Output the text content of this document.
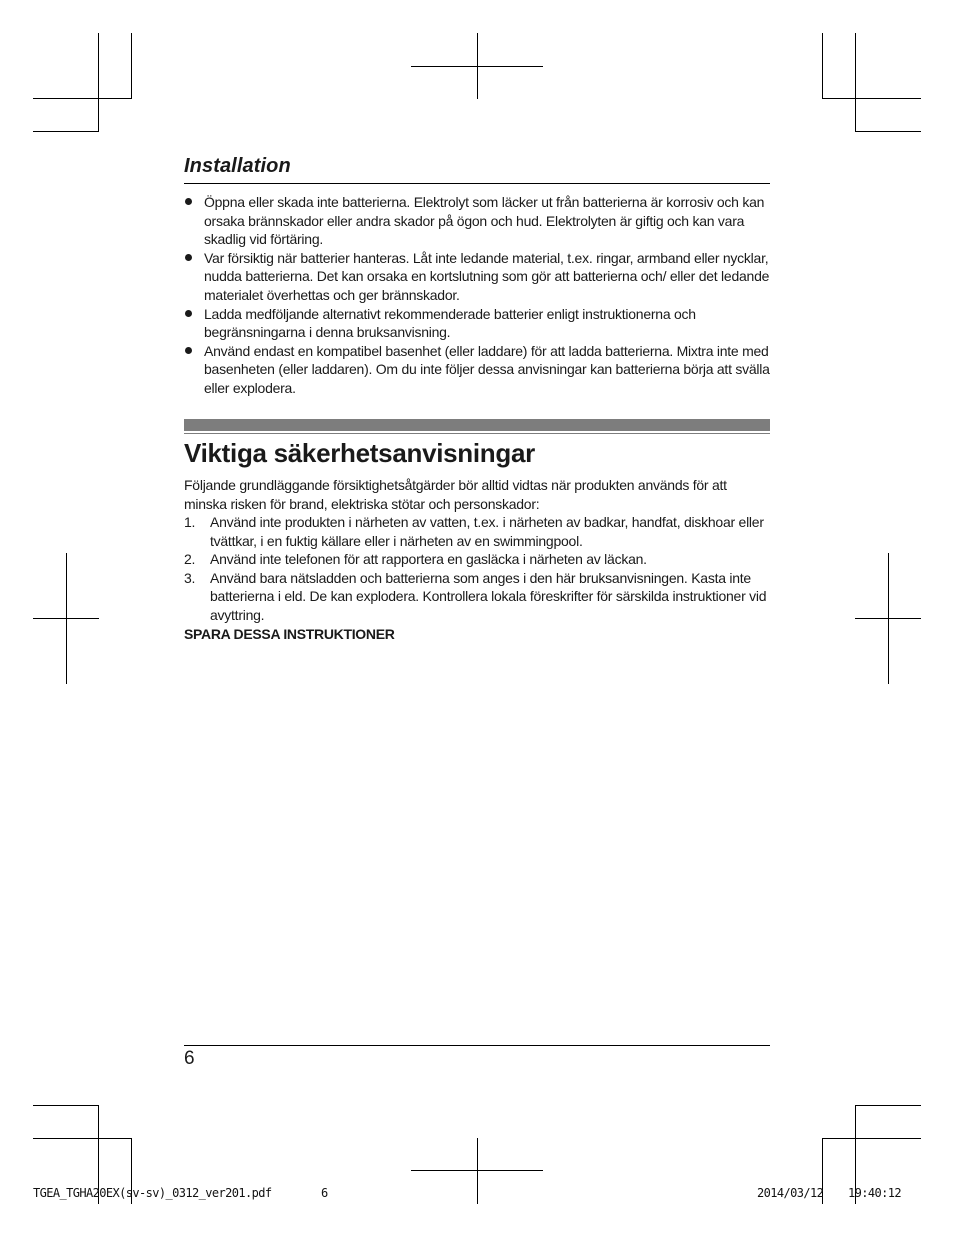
Installation
Öppna eller skada inte batterierna. Elektrolyt som läcker ut från batterierna är korrosiv och kan orsaka brännskador eller andra skador på ögon och hud. Elektrolyten är giftig och kan vara skadlig vid förtäring.
Var försiktig när batterier hanteras. Låt inte ledande material, t.ex. ringar, armband eller nycklar, nudda batterierna. Det kan orsaka en kortslutning som gör att batterierna och/ eller det ledande materialet överhettas och ger brännskador.
Ladda medföljande alternativt rekommenderade batterier enligt instruktionerna och begränsningarna i denna bruksanvisning.
Använd endast en kompatibel basenhet (eller laddare) för att ladda batterierna. Mixtra inte med basenheten (eller laddaren). Om du inte följer dessa anvisningar kan batterierna börja att svälla eller explodera.
Viktiga säkerhetsanvisningar

Följande grundläggande försiktighetsåtgärder bör alltid vidtas när produkten används för att minska risken för brand, elektriska stötar och personskador:

1. Använd inte produkten i närheten av vatten, t.ex. i närheten av badkar, handfat, diskhoar eller tvättkar, i en fuktig källare eller i närheten av en swimmingpool.
2. Använd inte telefonen för att rapportera en gasläcka i närheten av läckan.
3. Använd bara nätsladden och batterierna som anges i den här bruksanvisningen. Kasta inte batterierna i eld. De kan explodera. Kontrollera lokala föreskrifter för särskilda instruktioner vid avyttring.
SPARA DESSA INSTRUKTIONER
6
TGEA_TGHA20EX(sv-sv)_0312_ver201.pdf	6	2014/03/12 19:40:12
